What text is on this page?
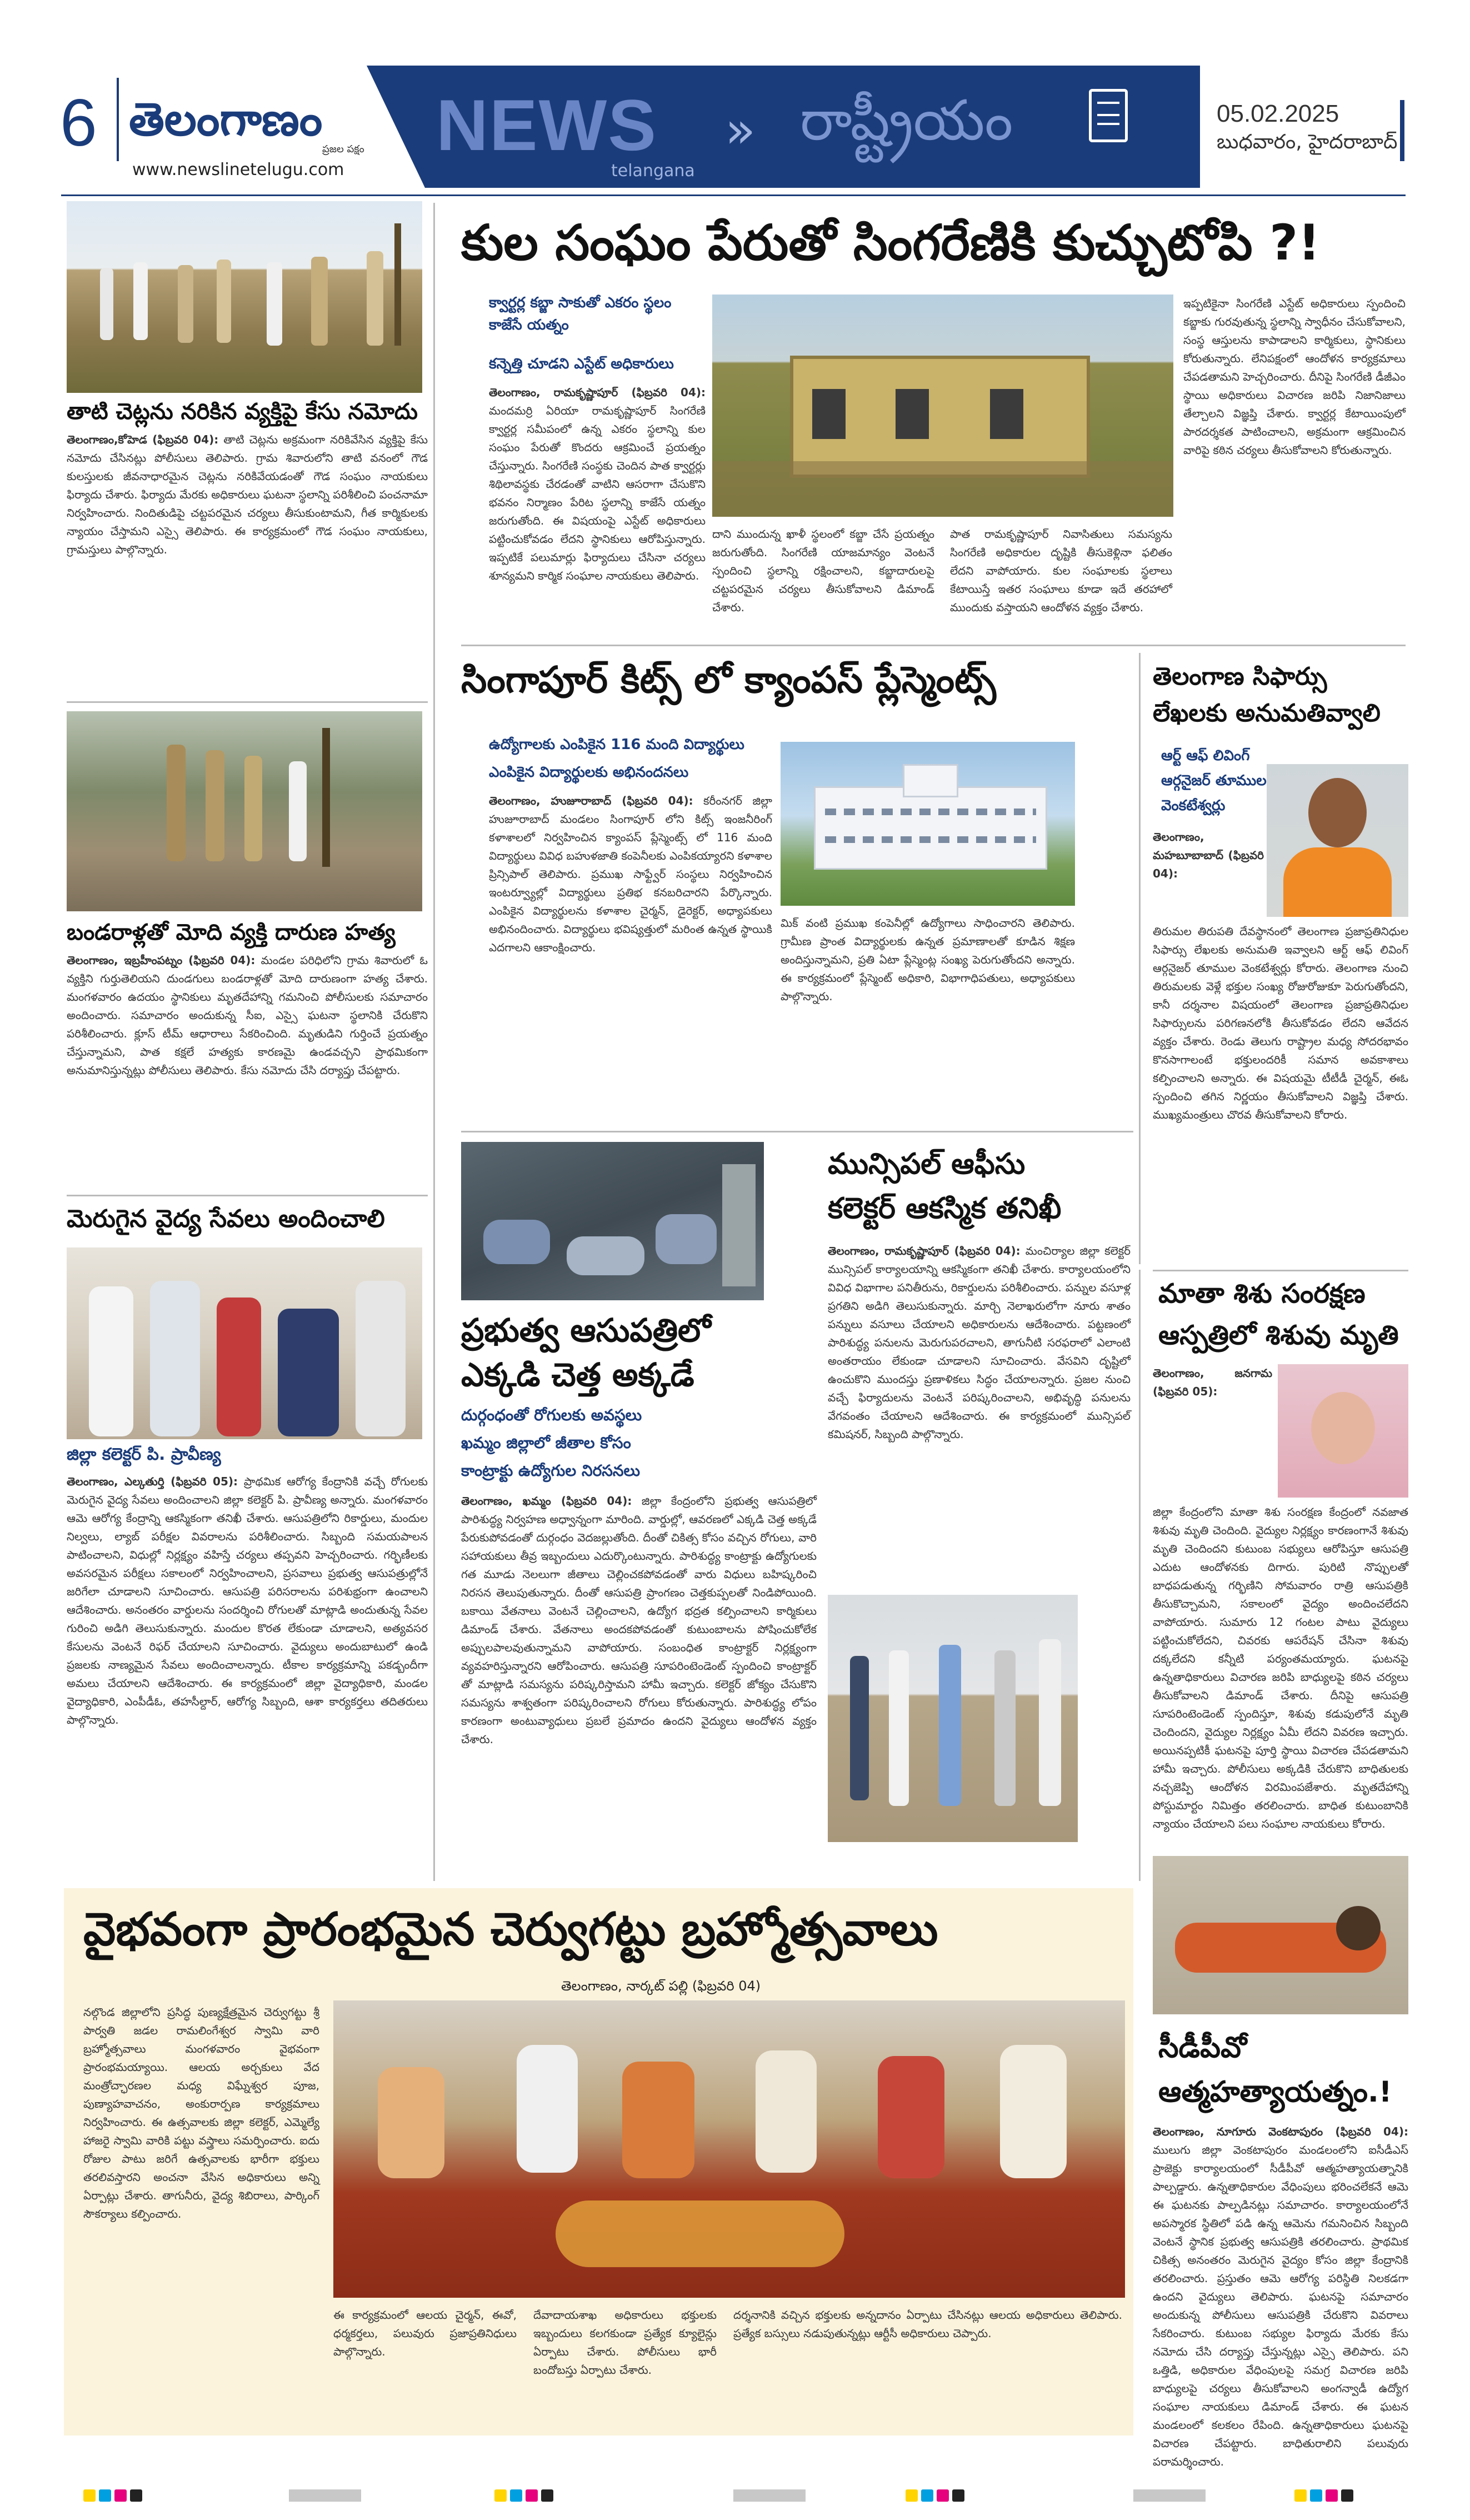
6 తెలంగాణం
ప్రజల పక్షం
www.newslinetelugu.com
NEWS
telangana
» రాష్ట్రీయం	05.02.2025
బుధవారం, హైదరాబాద్
తాటి చెట్లను నరికిన వ్యక్తిపై కేసు నమోదు
తెలంగాణం,కోహెడ (ఫిబ్రవరి 04): తాటి చెట్లను అక్రమంగా నరికివేసిన వ్యక్తిపై కేసు నమోదు చేసినట్లు పోలీసులు తెలిపారు. గ్రామ శివారులోని తాటి వనంలో గౌడ కులస్తులకు జీవనాధారమైన చెట్లను నరికివేయడంతో గౌడ సంఘం నాయకులు ఫిర్యాదు చేశారు. ఫిర్యాదు మేరకు అధికారులు ఘటనా స్థలాన్ని పరిశీలించి పంచనామా నిర్వహించారు. నిందితుడిపై చట్టపరమైన చర్యలు తీసుకుంటామని, గీత కార్మికులకు న్యాయం చేస్తామని ఎస్సై తెలిపారు. ఈ కార్యక్రమంలో గౌడ సంఘం నాయకులు, గ్రామస్తులు పాల్గొన్నారు.
బండరాళ్లతో మోది వ్యక్తి దారుణ హత్య
తెలంగాణం, ఇబ్రహీంపట్నం (ఫిబ్రవరి 04): మండల పరిధిలోని గ్రామ శివారులో ఓ వ్యక్తిని గుర్తుతెలియని దుండగులు బండరాళ్లతో మోది దారుణంగా హత్య చేశారు. మంగళవారం ఉదయం స్థానికులు మృతదేహాన్ని గమనించి పోలీసులకు సమాచారం అందించారు. సమాచారం అందుకున్న సీఐ, ఎస్సై ఘటనా స్థలానికి చేరుకొని పరిశీలించారు. క్లూస్ టీమ్ ఆధారాలు సేకరించింది. మృతుడిని గుర్తించే ప్రయత్నం చేస్తున్నామని, పాత కక్షలే హత్యకు కారణమై ఉండవచ్చని ప్రాథమికంగా అనుమానిస్తున్నట్లు పోలీసులు తెలిపారు. కేసు నమోదు చేసి దర్యాప్తు చేపట్టారు.
మెరుగైన వైద్య సేవలు అందించాలి
జిల్లా కలెక్టర్ పి. ప్రావీణ్య
తెలంగాణం, ఎల్కతుర్తి (ఫిబ్రవరి 05): ప్రాథమిక ఆరోగ్య కేంద్రానికి వచ్చే రోగులకు మెరుగైన వైద్య సేవలు అందించాలని జిల్లా కలెక్టర్ పి. ప్రావీణ్య అన్నారు. మంగళవారం ఆమె ఆరోగ్య కేంద్రాన్ని ఆకస్మికంగా తనిఖీ చేశారు. ఆసుపత్రిలోని రికార్డులు, మందుల నిల్వలు, ల్యాబ్ పరీక్షల వివరాలను పరిశీలించారు. సిబ్బంది సమయపాలన పాటించాలని, విధుల్లో నిర్లక్ష్యం వహిస్తే చర్యలు తప్పవని హెచ్చరించారు. గర్భిణీలకు అవసరమైన పరీక్షలు సకాలంలో నిర్వహించాలని, ప్రసవాలు ప్రభుత్వ ఆసుపత్రుల్లోనే జరిగేలా చూడాలని సూచించారు. ఆసుపత్రి పరిసరాలను పరిశుభ్రంగా ఉంచాలని ఆదేశించారు. అనంతరం వార్డులను సందర్శించి రోగులతో మాట్లాడి అందుతున్న సేవల గురించి అడిగి తెలుసుకున్నారు. మందుల కొరత లేకుండా చూడాలని, అత్యవసర కేసులను వెంటనే రిఫర్ చేయాలని సూచించారు. వైద్యులు అందుబాటులో ఉండి ప్రజలకు నాణ్యమైన సేవలు అందించాలన్నారు. టీకాల కార్యక్రమాన్ని పకడ్బందీగా అమలు చేయాలని ఆదేశించారు. ఈ కార్యక్రమంలో జిల్లా వైద్యాధికారి, మండల వైద్యాధికారి, ఎంపీడీఓ, తహసీల్దార్, ఆరోగ్య సిబ్బంది, ఆశా కార్యకర్తలు తదితరులు పాల్గొన్నారు.
కుల సంఘం పేరుతో సింగరేణికి కుచ్చుటోపి ?!
క్వార్టర్ల కబ్జా సాకుతో ఎకరం స్థలం
కాజేసే యత్నం
కన్నెత్తి చూడని ఎస్టేట్ అధికారులు
తెలంగాణం, రామకృష్ణాపూర్ (ఫిబ్రవరి 04): మందమర్రి ఏరియా రామకృష్ణాపూర్ సింగరేణి క్వార్టర్ల సమీపంలో ఉన్న ఎకరం స్థలాన్ని కుల సంఘం పేరుతో కొందరు ఆక్రమించే ప్రయత్నం చేస్తున్నారు. సింగరేణి సంస్థకు చెందిన పాత క్వార్టర్లు శిథిలావస్థకు చేరడంతో వాటిని ఆసరాగా చేసుకొని భవనం నిర్మాణం పేరిట స్థలాన్ని కాజేసే యత్నం జరుగుతోంది. ఈ విషయంపై ఎస్టేట్ అధికారులు పట్టించుకోవడం లేదని స్థానికులు ఆరోపిస్తున్నారు. ఇప్పటికే పలుమార్లు ఫిర్యాదులు చేసినా చర్యలు శూన్యమని కార్మిక సంఘాల నాయకులు తెలిపారు.
దాని ముందున్న ఖాళీ స్థలంలో కబ్జా చేసే ప్రయత్నం జరుగుతోంది. సింగరేణి యాజమాన్యం వెంటనే స్పందించి స్థలాన్ని రక్షించాలని, కబ్జాదారులపై చట్టపరమైన చర్యలు తీసుకోవాలని డిమాండ్ చేశారు.
పాత రామకృష్ణాపూర్ నివాసితులు సమస్యను సింగరేణి అధికారుల దృష్టికి తీసుకెళ్లినా ఫలితం లేదని వాపోయారు. కుల సంఘాలకు స్థలాలు కేటాయిస్తే ఇతర సంఘాలు కూడా ఇదే తరహాలో ముందుకు వస్తాయని ఆందోళన వ్యక్తం చేశారు.
ఇప్పటికైనా సింగరేణి ఎస్టేట్ అధికారులు స్పందించి కబ్జాకు గురవుతున్న స్థలాన్ని స్వాధీనం చేసుకోవాలని, సంస్థ ఆస్తులను కాపాడాలని కార్మికులు, స్థానికులు కోరుతున్నారు. లేనిపక్షంలో ఆందోళన కార్యక్రమాలు చేపడతామని హెచ్చరించారు. దీనిపై సింగరేణి డీజీఎం స్థాయి అధికారులు విచారణ జరిపి నిజానిజాలు తేల్చాలని విజ్ఞప్తి చేశారు. క్వార్టర్ల కేటాయింపులో పారదర్శకత పాటించాలని, అక్రమంగా ఆక్రమించిన వారిపై కఠిన చర్యలు తీసుకోవాలని కోరుతున్నారు.
సింగాపూర్ కిట్స్ లో క్యాంపస్ ప్లేస్మెంట్స్
ఉద్యోగాలకు ఎంపికైన 116 మంది విద్యార్థులు
ఎంపికైన విద్యార్థులకు అభినందనలు
తెలంగాణం, హుజూరాబాద్ (ఫిబ్రవరి 04): కరీంనగర్ జిల్లా హుజూరాబాద్ మండలం సింగాపూర్ లోని కిట్స్ ఇంజనీరింగ్ కళాశాలలో నిర్వహించిన క్యాంపస్ ప్లేస్మెంట్స్ లో 116 మంది విద్యార్థులు వివిధ బహుళజాతి కంపెనీలకు ఎంపికయ్యారని కళాశాల ప్రిన్సిపాల్ తెలిపారు. ప్రముఖ సాఫ్ట్వేర్ సంస్థలు నిర్వహించిన ఇంటర్వ్యూల్లో విద్యార్థులు ప్రతిభ కనబరిచారని పేర్కొన్నారు. ఎంపికైన విద్యార్థులను కళాశాల చైర్మన్, డైరెక్టర్, అధ్యాపకులు అభినందించారు. విద్యార్థులు భవిష్యత్తులో మరింత ఉన్నత స్థాయికి ఎదగాలని ఆకాంక్షించారు.
మిక్ వంటి ప్రముఖ కంపెనీల్లో ఉద్యోగాలు సాధించారని తెలిపారు. గ్రామీణ ప్రాంత విద్యార్థులకు ఉన్నత ప్రమాణాలతో కూడిన శిక్షణ అందిస్తున్నామని, ప్రతి ఏటా ప్లేస్మెంట్ల సంఖ్య పెరుగుతోందని అన్నారు. ఈ కార్యక్రమంలో ప్లేస్మెంట్ అధికారి, విభాగాధిపతులు, అధ్యాపకులు పాల్గొన్నారు.
తెలంగాణ సిఫార్సు లేఖలకు అనుమతివ్వాలి
ఆర్ట్ ఆఫ్ లివింగ్
ఆర్గనైజర్ తూముల
వెంకటేశ్వర్లు
తెలంగాణం, మహబూబాబాద్ (ఫిబ్రవరి 04):
తిరుమల తిరుపతి దేవస్థానంలో తెలంగాణ ప్రజాప్రతినిధుల సిఫార్సు లేఖలకు అనుమతి ఇవ్వాలని ఆర్ట్ ఆఫ్ లివింగ్ ఆర్గనైజర్ తూముల వెంకటేశ్వర్లు కోరారు. తెలంగాణ నుంచి తిరుమలకు వెళ్లే భక్తుల సంఖ్య రోజురోజుకూ పెరుగుతోందని, కానీ దర్శనాల విషయంలో తెలంగాణ ప్రజాప్రతినిధుల సిఫార్సులను పరిగణనలోకి తీసుకోవడం లేదని ఆవేదన వ్యక్తం చేశారు. రెండు తెలుగు రాష్ట్రాల మధ్య సోదరభావం కొనసాగాలంటే భక్తులందరికీ సమాన అవకాశాలు కల్పించాలని అన్నారు. ఈ విషయమై టీటీడీ చైర్మన్, ఈఓ స్పందించి తగిన నిర్ణయం తీసుకోవాలని విజ్ఞప్తి చేశారు. ముఖ్యమంత్రులు చొరవ తీసుకోవాలని కోరారు.
ప్రభుత్వ ఆసుపత్రిలో
ఎక్కడి చెత్త అక్కడే
దుర్గంధంతో రోగులకు అవస్థలు
ఖమ్మం జిల్లాలో జీతాల కోసం
కాంట్రాక్టు ఉద్యోగుల నిరసనలు
తెలంగాణం, ఖమ్మం (ఫిబ్రవరి 04): జిల్లా కేంద్రంలోని ప్రభుత్వ ఆసుపత్రిలో పారిశుద్ధ్య నిర్వహణ అధ్వాన్నంగా మారింది. వార్డుల్లో, ఆవరణలో ఎక్కడి చెత్త అక్కడే పేరుకుపోవడంతో దుర్గంధం వెదజల్లుతోంది. దీంతో చికిత్స కోసం వచ్చిన రోగులు, వారి సహాయకులు తీవ్ర ఇబ్బందులు ఎదుర్కొంటున్నారు. పారిశుద్ధ్య కాంట్రాక్టు ఉద్యోగులకు గత మూడు నెలలుగా జీతాలు చెల్లించకపోవడంతో వారు విధులు బహిష్కరించి నిరసన తెలుపుతున్నారు. దీంతో ఆసుపత్రి ప్రాంగణం చెత్తకుప్పలతో నిండిపోయింది. బకాయి వేతనాలు వెంటనే చెల్లించాలని, ఉద్యోగ భద్రత కల్పించాలని కార్మికులు డిమాండ్ చేశారు. వేతనాలు అందకపోవడంతో కుటుంబాలను పోషించుకోలేక అప్పులపాలవుతున్నామని వాపోయారు. సంబంధిత కాంట్రాక్టర్ నిర్లక్ష్యంగా వ్యవహరిస్తున్నారని ఆరోపించారు. ఆసుపత్రి సూపరింటెండెంట్ స్పందించి కాంట్రాక్టర్ తో మాట్లాడి సమస్యను పరిష్కరిస్తామని హామీ ఇచ్చారు. కలెక్టర్ జోక్యం చేసుకొని సమస్యను శాశ్వతంగా పరిష్కరించాలని రోగులు కోరుతున్నారు. పారిశుద్ధ్య లోపం కారణంగా అంటువ్యాధులు ప్రబలే ప్రమాదం ఉందని వైద్యులు ఆందోళన వ్యక్తం చేశారు.
మున్సిపల్ ఆఫీసు
కలెక్టర్ ఆకస్మిక తనిఖీ
తెలంగాణం, రామకృష్ణాపూర్ (ఫిబ్రవరి 04): మంచిర్యాల జిల్లా కలెక్టర్ మున్సిపల్ కార్యాలయాన్ని ఆకస్మికంగా తనిఖీ చేశారు. కార్యాలయంలోని వివిధ విభాగాల పనితీరును, రికార్డులను పరిశీలించారు. పన్నుల వసూళ్ల ప్రగతిని అడిగి తెలుసుకున్నారు. మార్చి నెలాఖరులోగా నూరు శాతం పన్నులు వసూలు చేయాలని అధికారులను ఆదేశించారు. పట్టణంలో పారిశుద్ధ్య పనులను మెరుగుపరచాలని, తాగునీటి సరఫరాలో ఎలాంటి అంతరాయం లేకుండా చూడాలని సూచించారు. వేసవిని దృష్టిలో ఉంచుకొని ముందస్తు ప్రణాళికలు సిద్ధం చేయాలన్నారు. ప్రజల నుంచి వచ్చే ఫిర్యాదులను వెంటనే పరిష్కరించాలని, అభివృద్ధి పనులను వేగవంతం చేయాలని ఆదేశించారు. ఈ కార్యక్రమంలో మున్సిపల్ కమిషనర్, సిబ్బంది పాల్గొన్నారు.
మాతా శిశు సంరక్షణ
ఆస్పత్రిలో శిశువు మృతి
తెలంగాణం, జనగామ (ఫిబ్రవరి 05):
జిల్లా కేంద్రంలోని మాతా శిశు సంరక్షణ కేంద్రంలో నవజాత శిశువు మృతి చెందింది. వైద్యుల నిర్లక్ష్యం కారణంగానే శిశువు మృతి చెందిందని కుటుంబ సభ్యులు ఆరోపిస్తూ ఆసుపత్రి ఎదుట ఆందోళనకు దిగారు. పురిటి నొప్పులతో బాధపడుతున్న గర్భిణిని సోమవారం రాత్రి ఆసుపత్రికి తీసుకొచ్చామని, సకాలంలో వైద్యం అందించలేదని వాపోయారు. సుమారు 12 గంటల పాటు వైద్యులు పట్టించుకోలేదని, చివరకు ఆపరేషన్ చేసినా శిశువు దక్కలేదని కన్నీటి పర్యంతమయ్యారు. ఘటనపై ఉన్నతాధికారులు విచారణ జరిపి బాధ్యులపై కఠిన చర్యలు తీసుకోవాలని డిమాండ్ చేశారు. దీనిపై ఆసుపత్రి సూపరింటెండెంట్ స్పందిస్తూ, శిశువు కడుపులోనే మృతి చెందిందని, వైద్యుల నిర్లక్ష్యం ఏమీ లేదని వివరణ ఇచ్చారు. అయినప్పటికీ ఘటనపై పూర్తి స్థాయి విచారణ చేపడతామని హామీ ఇచ్చారు. పోలీసులు అక్కడికి చేరుకొని బాధితులకు నచ్చజెప్పి ఆందోళన విరమింపజేశారు. మృతదేహాన్ని పోస్టుమార్టం నిమిత్తం తరలించారు. బాధిత కుటుంబానికి న్యాయం చేయాలని పలు సంఘాల నాయకులు కోరారు.
సీడీపీవో
ఆత్మహత్యాయత్నం.!
తెలంగాణం, నూగూరు వెంకటాపురం (ఫిబ్రవరి 04): ములుగు జిల్లా వెంకటాపురం మండలంలోని ఐసీడీఎస్ ప్రాజెక్టు కార్యాలయంలో సీడీపీవో ఆత్మహత్యాయత్నానికి పాల్పడ్డారు. ఉన్నతాధికారుల వేధింపులు భరించలేకనే ఆమె ఈ ఘటనకు పాల్పడినట్లు సమాచారం. కార్యాలయంలోనే అపస్మారక స్థితిలో పడి ఉన్న ఆమెను గమనించిన సిబ్బంది వెంటనే స్థానిక ప్రభుత్వ ఆసుపత్రికి తరలించారు. ప్రాథమిక చికిత్స అనంతరం మెరుగైన వైద్యం కోసం జిల్లా కేంద్రానికి తరలించారు. ప్రస్తుతం ఆమె ఆరోగ్య పరిస్థితి నిలకడగా ఉందని వైద్యులు తెలిపారు. ఘటనపై సమాచారం అందుకున్న పోలీసులు ఆసుపత్రికి చేరుకొని వివరాలు సేకరించారు. కుటుంబ సభ్యుల ఫిర్యాదు మేరకు కేసు నమోదు చేసి దర్యాప్తు చేస్తున్నట్లు ఎస్సై తెలిపారు. పని ఒత్తిడి, అధికారుల వేధింపులపై సమగ్ర విచారణ జరిపి బాధ్యులపై చర్యలు తీసుకోవాలని అంగన్వాడీ ఉద్యోగ సంఘాల నాయకులు డిమాండ్ చేశారు. ఈ ఘటన మండలంలో కలకలం రేపింది. ఉన్నతాధికారులు ఘటనపై విచారణ చేపట్టారు. బాధితురాలిని పలువురు పరామర్శించారు.
వైభవంగా ప్రారంభమైన చెర్వుగట్టు బ్రహ్మోత్సవాలు
తెలంగాణం, నార్కట్ పల్లి (ఫిబ్రవరి 04)
నల్గొండ జిల్లాలోని ప్రసిద్ధ పుణ్యక్షేత్రమైన చెర్వుగట్టు శ్రీ పార్వతి జడల రామలింగేశ్వర స్వామి వారి బ్రహ్మోత్సవాలు మంగళవారం వైభవంగా ప్రారంభమయ్యాయి. ఆలయ అర్చకులు వేద మంత్రోచ్ఛారణల మధ్య విఘ్నేశ్వర పూజ, పుణ్యాహవాచనం, అంకురార్పణ కార్యక్రమాలు నిర్వహించారు. ఈ ఉత్సవాలకు జిల్లా కలెక్టర్, ఎమ్మెల్యే హాజరై స్వామి వారికి పట్టు వస్త్రాలు సమర్పించారు. ఐదు రోజుల పాటు జరిగే ఉత్సవాలకు భారీగా భక్తులు తరలివస్తారని అంచనా వేసిన అధికారులు అన్ని ఏర్పాట్లు చేశారు. తాగునీరు, వైద్య శిబిరాలు, పార్కింగ్ సౌకర్యాలు కల్పించారు.
ఈ కార్యక్రమంలో ఆలయ చైర్మన్, ఈవో, ధర్మకర్తలు, పలువురు ప్రజాప్రతినిధులు పాల్గొన్నారు.
దేవాదాయశాఖ అధికారులు భక్తులకు ఇబ్బందులు కలగకుండా ప్రత్యేక క్యూలైన్లు ఏర్పాటు చేశారు. పోలీసులు భారీ బందోబస్తు ఏర్పాటు చేశారు.
దర్శనానికి వచ్చిన భక్తులకు అన్నదానం ఏర్పాటు చేసినట్లు ఆలయ అధికారులు తెలిపారు. ప్రత్యేక బస్సులు నడుపుతున్నట్లు ఆర్టీసీ అధికారులు చెప్పారు.
